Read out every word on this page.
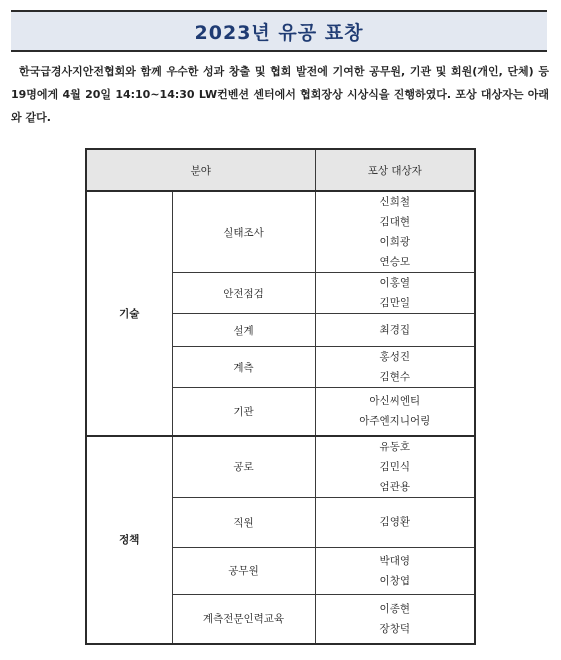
2023년 유공 표창

한국급경사지안전협회와 함께 우수한 성과 창출 및 협회 발전에 기여한 공무원, 기관 및 회원(개인, 단체) 등 19명에게 4월 20일 14:10~14:30 LW컨벤션 센터에서 협회장상 시상식을 진행하였다. 포상 대상자는 아래와 같다.

분야		포상 대상자
기술	실태조사	신희철
김대현
이희광
연승모

	안전점검	이홍열
김만일

	설계	최경집

	계측	홍성진
김현수

	기관	아신씨엔티
아주엔지니어링

정책	공로	유동호
김민식
엄관용

	직원	김영환

	공무원	박대영
이창엽

	계측전문인력교육	이종현
장창덕
